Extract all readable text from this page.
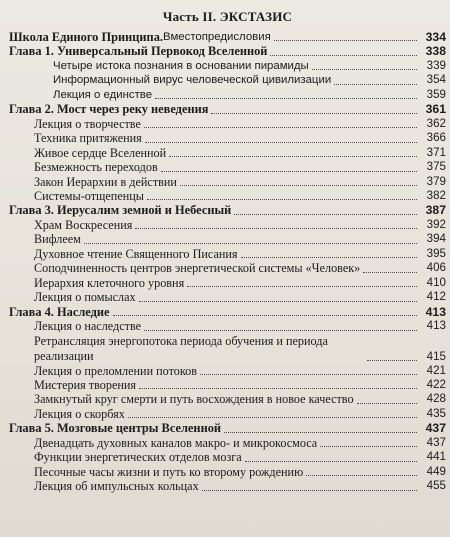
Часть II. ЭКСТАЗИС
Школа Единого Принципа. Вместопредисловия	334
Глава 1. Универсальный Первокод Вселенной	338
Четыре истока познания в основании пирамиды	339
Информационный вирус человеческой цивилизации	354
Лекция о единстве	359
Глава 2. Мост через реку неведения	361
Лекция о творчестве	362
Техника притяжения	366
Живое сердце Вселенной	371
Безмежность переходов	375
Закон Иерархии в действии	379
Системы-отщепенцы	382
Глава 3. Иерусалим земной и Небесный	387
Храм Воскресения	392
Вифлеем	394
Духовное чтение Священного Писания	395
Соподчиненность центров энергетической системы «Человек»	406
Иерархия клеточного уровня	410
Лекция о помыслах	412
Глава 4. Наследие	413
Лекция о наследстве	413
Ретрансляция энергопотока периода обучения и периода реализации	415
Лекция о преломлении потоков	421
Мистерия творения	422
Замкнутый круг смерти и путь восхождения в новое качество	428
Лекция о скорбях	435
Глава 5. Мозговые центры Вселенной	437
Двенадцать духовных каналов макро- и микрокосмоса	437
Функции энергетических отделов мозга	441
Песочные часы жизни и путь ко второму рождению	449
Лекция об импульсных кольцах	455
